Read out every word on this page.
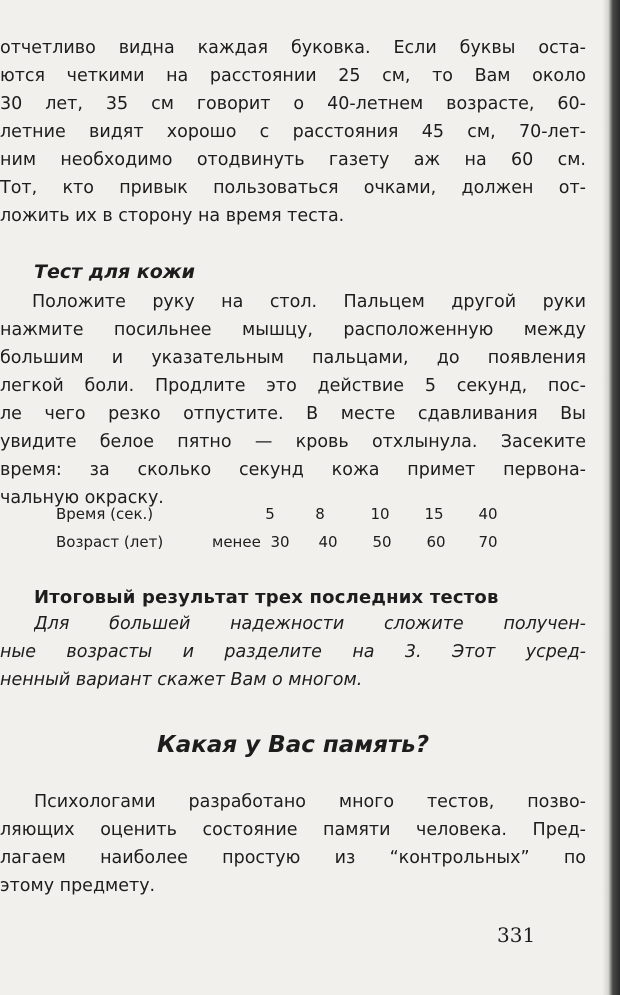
отчетливо видна каждая буковка. Если буквы оста-

ются четкими на расстоянии 25 см, то Вам около

30 лет, 35 см говорит о 40-летнем возрасте, 60-

летние видят хорошо с расстояния 45 см, 70-лет-

ним необходимо отодвинуть газету аж на 60 см.

Тот, кто привык пользоваться очками, должен от-

ложить их в сторону на время теста.

Тест для кожи

Положите руку на стол. Пальцем другой руки

нажмите посильнее мышцу, расположенную между

большим и указательным пальцами, до появления

легкой боли. Продлите это действие 5 секунд, пос-

ле чего резко отпустите. В месте сдавливания Вы

увидите белое пятно — кровь отхлынула. Засеките

время: за сколько секунд кожа примет первона-

чальную окраску.

Время (сек.)	5	8	10	15	40
Возраст (лет)	менее 30	40	50	60	70
Итоговый результат трех последних тестов

Для большей надежности сложите получен-

ные возрасты и разделите на 3. Этот усред-

ненный вариант скажет Вам о многом.

Какая у Вас память?

Психологами разработано много тестов, позво-

ляющих оценить состояние памяти человека. Пред-

лагаем наиболее простую из “контрольных” по

этому предмету.

331
